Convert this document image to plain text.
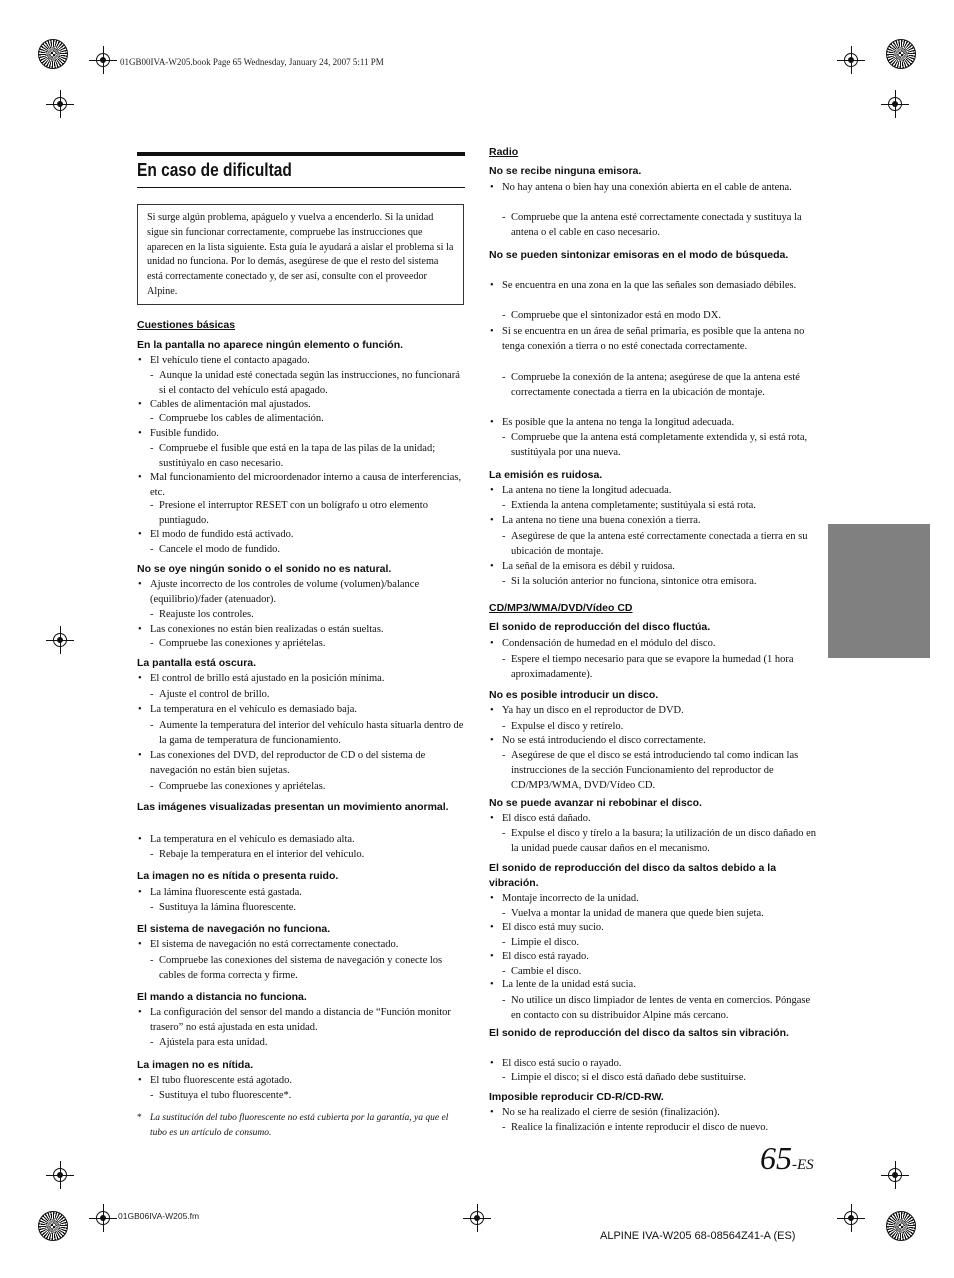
01GB00IVA-W205.book Page 65 Wednesday, January 24, 2007 5:11 PM
En caso de dificultad
Si surge algún problema, apáguelo y vuelva a encenderlo. Si la unidad sigue sin funcionar correctamente, compruebe las instrucciones que aparecen en la lista siguiente. Esta guía le ayudará a aislar el problema si la unidad no funciona. Por lo demás, asegúrese de que el resto del sistema está correctamente conectado y, de ser así, consulte con el proveedor Alpine.
Cuestiones básicas
En la pantalla no aparece ningún elemento o función.
• El vehículo tiene el contacto apagado.
- Aunque la unidad esté conectada según las instrucciones, no funcionará si el contacto del vehículo está apagado.
• Cables de alimentación mal ajustados.
- Compruebe los cables de alimentación.
• Fusible fundido.
- Compruebe el fusible que está en la tapa de las pilas de la unidad; sustitúyalo en caso necesario.
• Mal funcionamiento del microordenador interno a causa de interferencias, etc.
- Presione el interruptor RESET con un bolígrafo u otro elemento puntiagudo.
• El modo de fundido está activado.
- Cancele el modo de fundido.
No se oye ningún sonido o el sonido no es natural.
• Ajuste incorrecto de los controles de volume (volumen)/balance (equilibrio)/fader (atenuador).
- Reajuste los controles.
• Las conexiones no están bien realizadas o están sueltas.
- Compruebe las conexiones y apriételas.
La pantalla está oscura.
• El control de brillo está ajustado en la posición mínima.
- Ajuste el control de brillo.
• La temperatura en el vehículo es demasiado baja.
- Aumente la temperatura del interior del vehículo hasta situarla dentro de la gama de temperatura de funcionamiento.
• Las conexiones del DVD, del reproductor de CD o del sistema de navegación no están bien sujetas.
- Compruebe las conexiones y apriételas.
Las imágenes visualizadas presentan un movimiento anormal.
• La temperatura en el vehículo es demasiado alta.
- Rebaje la temperatura en el interior del vehículo.
La imagen no es nítida o presenta ruido.
• La lámina fluorescente está gastada.
- Sustituya la lámina fluorescente.
El sistema de navegación no funciona.
• El sistema de navegación no está correctamente conectado.
- Compruebe las conexiones del sistema de navegación y conecte los cables de forma correcta y firme.
El mando a distancia no funciona.
• La configuración del sensor del mando a distancia de “Función monitor trasero” no está ajustada en esta unidad.
- Ajústela para esta unidad.
La imagen no es nítida.
• El tubo fluorescente está agotado.
- Sustituya el tubo fluorescente*.
* La sustitución del tubo fluorescente no está cubierta por la garantía, ya que el tubo es un artículo de consumo.
Radio
No se recibe ninguna emisora.
• No hay antena o bien hay una conexión abierta en el cable de antena.
- Compruebe que la antena esté correctamente conectada y sustituya la antena o el cable en caso necesario.
No se pueden sintonizar emisoras en el modo de búsqueda.
• Se encuentra en una zona en la que las señales son demasiado débiles.
- Compruebe que el sintonizador está en modo DX.
• Si se encuentra en un área de señal primaria, es posible que la antena no tenga conexión a tierra o no esté conectada correctamente.
- Compruebe la conexión de la antena; asegúrese de que la antena esté correctamente conectada a tierra en la ubicación de montaje.
• Es posible que la antena no tenga la longitud adecuada.
- Compruebe que la antena está completamente extendida y, si está rota, sustitúyala por una nueva.
La emisión es ruidosa.
• La antena no tiene la longitud adecuada.
- Extienda la antena completamente; sustitúyala si está rota.
• La antena no tiene una buena conexión a tierra.
- Asegúrese de que la antena esté correctamente conectada a tierra en su ubicación de montaje.
• La señal de la emisora es débil y ruidosa.
- Si la solución anterior no funciona, sintonice otra emisora.
CD/MP3/WMA/DVD/Vídeo CD
El sonido de reproducción del disco fluctúa.
• Condensación de humedad en el módulo del disco.
- Espere el tiempo necesario para que se evapore la humedad (1 hora aproximadamente).
No es posible introducir un disco.
• Ya hay un disco en el reproductor de DVD.
- Expulse el disco y retírelo.
• No se está introduciendo el disco correctamente.
- Asegúrese de que el disco se está introduciendo tal como indican las instrucciones de la sección Funcionamiento del reproductor de CD/MP3/WMA, DVD/Vídeo CD.
No se puede avanzar ni rebobinar el disco.
• El disco está dañado.
- Expulse el disco y tírelo a la basura; la utilización de un disco dañado en la unidad puede causar daños en el mecanismo.
El sonido de reproducción del disco da saltos debido a la vibración.
• Montaje incorrecto de la unidad.
- Vuelva a montar la unidad de manera que quede bien sujeta.
• El disco está muy sucio.
- Limpie el disco.
• El disco está rayado.
- Cambie el disco.
• La lente de la unidad está sucia.
- No utilice un disco limpiador de lentes de venta en comercios. Póngase en contacto con su distribuidor Alpine más cercano.
El sonido de reproducción del disco da saltos sin vibración.
• El disco está sucio o rayado.
- Limpie el disco; si el disco está dañado debe sustituirse.
Imposible reproducir CD-R/CD-RW.
• No se ha realizado el cierre de sesión (finalización).
- Realice la finalización e intente reproducir el disco de nuevo.
65-ES
01GB06IVA-W205.fm
ALPINE IVA-W205 68-08564Z41-A (ES)
